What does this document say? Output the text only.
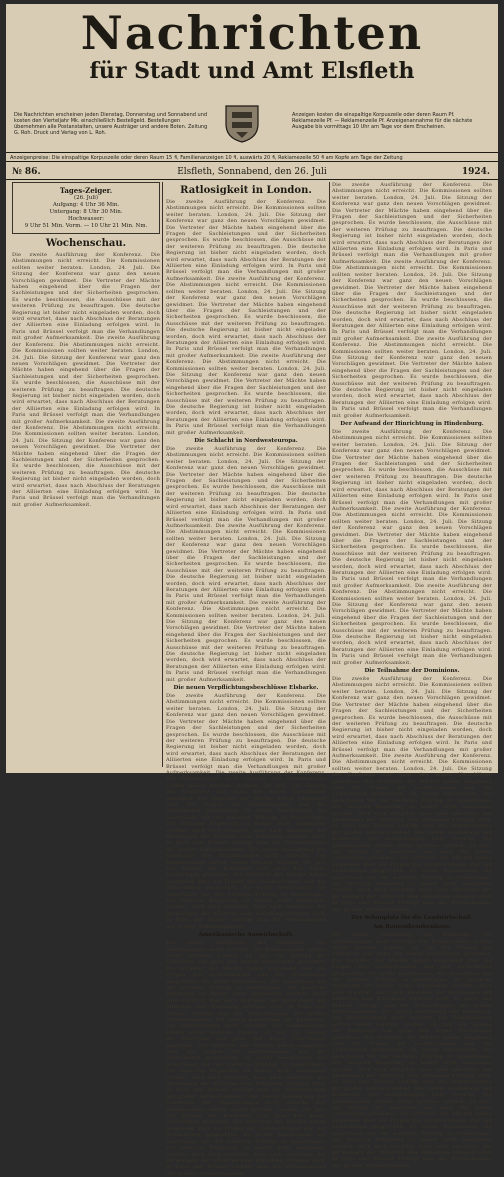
Nachrichten
für Stadt und Amt Elsfleth
Die Nachrichten erscheinen jeden Dienstag, Donnerstag und Sonnabend und kosten den Vierteljahr Mk. einschließlich Bestellgeld. Bestellungen übernehmen alle Postanstalten, unsere Austräger und andere Boten. Zeitung G. Roh. Druck und Verlag von L. Roh.
Anzeigen kosten die einspaltige Korpuszeile oder deren Raum Pf. Reklamezeile Pf. — Reklamenzeile Pf. Anzeigenannahme für die nächste Ausgabe bis vormittags 10 Uhr am Tage vor dem Erscheinen.
Anzeigenpreise: Die einspaltige Korpuszeile oder deren Raum 15 ₰, Familienanzeigen 10 ₰, auswärts 20 ₰, Reklamezeile 50 ₰ am Kopfe am Tage der Zeitung
№ 86.	Elsfleth, Sonnabend, den 26. Juli	1924.
Tages-Zeiger.
(26. Juli)
Aufgang: 4 Uhr 36 Min.
Untergang: 8 Uhr 30 Min.
Hochwasser:
9 Uhr 51 Min. Vorm. — 10 Uhr 21 Min. Nm.
Wochenschau.
Die zweite Ausführung der Konferenz. Die Abstimmungen nicht erreicht. Die Kommissionen sollten weiter beraten. London, 24. Juli. Die Sitzung der Konferenz war ganz den neuen Vorschlägen gewidmet. Die Vertreter der Mächte haben eingehend über die Fragen der Sachleistungen und der Sicherheiten gesprochen. Es wurde beschlossen, die Ausschüsse mit der weiteren Prüfung zu beauftragen. Die deutsche Regierung ist bisher nicht eingeladen worden, doch wird erwartet, dass nach Abschluss der Beratungen der Alliierten eine Einladung erfolgen wird. In Paris und Brüssel verfolgt man die Verhandlungen mit großer Aufmerksamkeit. Die zweite Ausführung der Konferenz. Die Abstimmungen nicht erreicht. Die Kommissionen sollten weiter beraten. London, 24. Juli. Die Sitzung der Konferenz war ganz den neuen Vorschlägen gewidmet. Die Vertreter der Mächte haben eingehend über die Fragen der Sachleistungen und der Sicherheiten gesprochen. Es wurde beschlossen, die Ausschüsse mit der weiteren Prüfung zu beauftragen. Die deutsche Regierung ist bisher nicht eingeladen worden, doch wird erwartet, dass nach Abschluss der Beratungen der Alliierten eine Einladung erfolgen wird. In Paris und Brüssel verfolgt man die Verhandlungen mit großer Aufmerksamkeit. Die zweite Ausführung der Konferenz. Die Abstimmungen nicht erreicht. Die Kommissionen sollten weiter beraten. London, 24. Juli. Die Sitzung der Konferenz war ganz den neuen Vorschlägen gewidmet. Die Vertreter der Mächte haben eingehend über die Fragen der Sachleistungen und der Sicherheiten gesprochen. Es wurde beschlossen, die Ausschüsse mit der weiteren Prüfung zu beauftragen. Die deutsche Regierung ist bisher nicht eingeladen worden, doch wird erwartet, dass nach Abschluss der Beratungen der Alliierten eine Einladung erfolgen wird. In Paris und Brüssel verfolgt man die Verhandlungen mit großer Aufmerksamkeit.
Ratlosigkeit in London.
Die zweite Ausführung der Konferenz. Die Abstimmungen nicht erreicht. Die Kommissionen sollten weiter beraten. London, 24. Juli. Die Sitzung der Konferenz war ganz den neuen Vorschlägen gewidmet. Die Vertreter der Mächte haben eingehend über die Fragen der Sachleistungen und der Sicherheiten gesprochen. Es wurde beschlossen, die Ausschüsse mit der weiteren Prüfung zu beauftragen. Die deutsche Regierung ist bisher nicht eingeladen worden, doch wird erwartet, dass nach Abschluss der Beratungen der Alliierten eine Einladung erfolgen wird. In Paris und Brüssel verfolgt man die Verhandlungen mit großer Aufmerksamkeit. Die zweite Ausführung der Konferenz. Die Abstimmungen nicht erreicht. Die Kommissionen sollten weiter beraten. London, 24. Juli. Die Sitzung der Konferenz war ganz den neuen Vorschlägen gewidmet. Die Vertreter der Mächte haben eingehend über die Fragen der Sachleistungen und der Sicherheiten gesprochen. Es wurde beschlossen, die Ausschüsse mit der weiteren Prüfung zu beauftragen. Die deutsche Regierung ist bisher nicht eingeladen worden, doch wird erwartet, dass nach Abschluss der Beratungen der Alliierten eine Einladung erfolgen wird. In Paris und Brüssel verfolgt man die Verhandlungen mit großer Aufmerksamkeit. Die zweite Ausführung der Konferenz. Die Abstimmungen nicht erreicht. Die Kommissionen sollten weiter beraten. London, 24. Juli. Die Sitzung der Konferenz war ganz den neuen Vorschlägen gewidmet. Die Vertreter der Mächte haben eingehend über die Fragen der Sachleistungen und der Sicherheiten gesprochen. Es wurde beschlossen, die Ausschüsse mit der weiteren Prüfung zu beauftragen. Die deutsche Regierung ist bisher nicht eingeladen worden, doch wird erwartet, dass nach Abschluss der Beratungen der Alliierten eine Einladung erfolgen wird. In Paris und Brüssel verfolgt man die Verhandlungen mit großer Aufmerksamkeit.
Die Schlacht in Nordwesteuropa.
Die zweite Ausführung der Konferenz. Die Abstimmungen nicht erreicht. Die Kommissionen sollten weiter beraten. London, 24. Juli. Die Sitzung der Konferenz war ganz den neuen Vorschlägen gewidmet. Die Vertreter der Mächte haben eingehend über die Fragen der Sachleistungen und der Sicherheiten gesprochen. Es wurde beschlossen, die Ausschüsse mit der weiteren Prüfung zu beauftragen. Die deutsche Regierung ist bisher nicht eingeladen worden, doch wird erwartet, dass nach Abschluss der Beratungen der Alliierten eine Einladung erfolgen wird. In Paris und Brüssel verfolgt man die Verhandlungen mit großer Aufmerksamkeit. Die zweite Ausführung der Konferenz. Die Abstimmungen nicht erreicht. Die Kommissionen sollten weiter beraten. London, 24. Juli. Die Sitzung der Konferenz war ganz den neuen Vorschlägen gewidmet. Die Vertreter der Mächte haben eingehend über die Fragen der Sachleistungen und der Sicherheiten gesprochen. Es wurde beschlossen, die Ausschüsse mit der weiteren Prüfung zu beauftragen. Die deutsche Regierung ist bisher nicht eingeladen worden, doch wird erwartet, dass nach Abschluss der Beratungen der Alliierten eine Einladung erfolgen wird. In Paris und Brüssel verfolgt man die Verhandlungen mit großer Aufmerksamkeit. Die zweite Ausführung der Konferenz. Die Abstimmungen nicht erreicht. Die Kommissionen sollten weiter beraten. London, 24. Juli. Die Sitzung der Konferenz war ganz den neuen Vorschlägen gewidmet. Die Vertreter der Mächte haben eingehend über die Fragen der Sachleistungen und der Sicherheiten gesprochen. Es wurde beschlossen, die Ausschüsse mit der weiteren Prüfung zu beauftragen. Die deutsche Regierung ist bisher nicht eingeladen worden, doch wird erwartet, dass nach Abschluss der Beratungen der Alliierten eine Einladung erfolgen wird. In Paris und Brüssel verfolgt man die Verhandlungen mit großer Aufmerksamkeit.
Die neuen Verpflichtungsbeschlüsse Elsbarke.
Die zweite Ausführung der Konferenz. Die Abstimmungen nicht erreicht. Die Kommissionen sollten weiter beraten. London, 24. Juli. Die Sitzung der Konferenz war ganz den neuen Vorschlägen gewidmet. Die Vertreter der Mächte haben eingehend über die Fragen der Sachleistungen und der Sicherheiten gesprochen. Es wurde beschlossen, die Ausschüsse mit der weiteren Prüfung zu beauftragen. Die deutsche Regierung ist bisher nicht eingeladen worden, doch wird erwartet, dass nach Abschluss der Beratungen der Alliierten eine Einladung erfolgen wird. In Paris und Brüssel verfolgt man die Verhandlungen mit großer Aufmerksamkeit. Die zweite Ausführung der Konferenz. Die Abstimmungen nicht erreicht. Die Kommissionen sollten weiter beraten. London, 24. Juli. Die Sitzung der Konferenz war ganz den neuen Vorschlägen gewidmet. Die Vertreter der Mächte haben eingehend über die Fragen der Sachleistungen und der Sicherheiten gesprochen. Es wurde beschlossen, die Ausschüsse mit der weiteren Prüfung zu beauftragen. Die deutsche Regierung ist bisher nicht eingeladen worden, doch wird erwartet, dass nach Abschluss der Beratungen der Alliierten eine Einladung erfolgen wird. In Paris und Brüssel verfolgt man die Verhandlungen mit großer Aufmerksamkeit. Die zweite Ausführung der Konferenz. Die Abstimmungen nicht erreicht. Die Kommissionen sollten weiter beraten. London, 24. Juli. Die Sitzung der Konferenz war ganz den neuen Vorschlägen gewidmet. Die Vertreter der Mächte haben eingehend über die Fragen der Sachleistungen und der Sicherheiten gesprochen. Es wurde beschlossen, die Ausschüsse mit der weiteren Prüfung zu beauftragen. Die deutsche Regierung ist bisher nicht eingeladen worden, doch wird erwartet, dass nach Abschluss der Beratungen der Alliierten eine Einladung erfolgen wird. In Paris und Brüssel verfolgt man die Verhandlungen mit großer Aufmerksamkeit.
Amerikanische Auswirkschaft.
Die zweite Ausführung der Konferenz. Die Abstimmungen nicht erreicht. Die Kommissionen sollten weiter beraten. London, 24. Juli. Die Sitzung der Konferenz war ganz den neuen Vorschlägen gewidmet. Die Vertreter der Mächte haben eingehend über die Fragen der Sachleistungen und der Sicherheiten gesprochen. Es wurde beschlossen, die Ausschüsse mit der weiteren Prüfung zu beauftragen. Die deutsche Regierung ist bisher nicht eingeladen worden, doch wird erwartet, dass nach Abschluss der Beratungen der Alliierten eine Einladung erfolgen wird. In Paris und Brüssel verfolgt man die Verhandlungen mit großer Aufmerksamkeit. Die zweite Ausführung der Konferenz. Die Abstimmungen nicht erreicht. Die Kommissionen sollten weiter beraten. London, 24. Juli. Die Sitzung der Konferenz war ganz den neuen Vorschlägen gewidmet. Die Vertreter der Mächte haben eingehend über die Fragen der Sachleistungen und der Sicherheiten gesprochen. Es wurde beschlossen, die Ausschüsse mit der weiteren Prüfung zu beauftragen. Die deutsche Regierung ist bisher nicht eingeladen worden, doch wird erwartet, dass nach Abschluss der Beratungen der Alliierten eine Einladung erfolgen wird. In Paris und Brüssel verfolgt man die Verhandlungen mit großer Aufmerksamkeit. Die zweite Ausführung der Konferenz. Die Abstimmungen nicht erreicht. Die Kommissionen sollten weiter beraten. London, 24. Juli. Die Sitzung der Konferenz war ganz den neuen Vorschlägen gewidmet. Die Vertreter der Mächte haben eingehend über die Fragen der Sachleistungen und der Sicherheiten gesprochen. Es wurde beschlossen, die Ausschüsse mit der weiteren Prüfung zu beauftragen. Die deutsche Regierung ist bisher nicht eingeladen worden, doch wird erwartet, dass nach Abschluss der Beratungen der Alliierten eine Einladung erfolgen wird. In Paris und Brüssel verfolgt man die Verhandlungen mit großer Aufmerksamkeit.
Die zweite Ausführung der Konferenz. Die Abstimmungen nicht erreicht. Die Kommissionen sollten weiter beraten. London, 24. Juli. Die Sitzung der Konferenz war ganz den neuen Vorschlägen gewidmet. Die Vertreter der Mächte haben eingehend über die Fragen der Sachleistungen und der Sicherheiten gesprochen. Es wurde beschlossen, die Ausschüsse mit der weiteren Prüfung zu beauftragen. Die deutsche Regierung ist bisher nicht eingeladen worden, doch wird erwartet, dass nach Abschluss der Beratungen der Alliierten eine Einladung erfolgen wird. In Paris und Brüssel verfolgt man die Verhandlungen mit großer Aufmerksamkeit. Die zweite Ausführung der Konferenz. Die Abstimmungen nicht erreicht. Die Kommissionen sollten weiter beraten. London, 24. Juli. Die Sitzung der Konferenz war ganz den neuen Vorschlägen gewidmet. Die Vertreter der Mächte haben eingehend über die Fragen der Sachleistungen und der Sicherheiten gesprochen. Es wurde beschlossen, die Ausschüsse mit der weiteren Prüfung zu beauftragen. Die deutsche Regierung ist bisher nicht eingeladen worden, doch wird erwartet, dass nach Abschluss der Beratungen der Alliierten eine Einladung erfolgen wird. In Paris und Brüssel verfolgt man die Verhandlungen mit großer Aufmerksamkeit. Die zweite Ausführung der Konferenz. Die Abstimmungen nicht erreicht. Die Kommissionen sollten weiter beraten. London, 24. Juli. Die Sitzung der Konferenz war ganz den neuen Vorschlägen gewidmet. Die Vertreter der Mächte haben eingehend über die Fragen der Sachleistungen und der Sicherheiten gesprochen. Es wurde beschlossen, die Ausschüsse mit der weiteren Prüfung zu beauftragen. Die deutsche Regierung ist bisher nicht eingeladen worden, doch wird erwartet, dass nach Abschluss der Beratungen der Alliierten eine Einladung erfolgen wird. In Paris und Brüssel verfolgt man die Verhandlungen mit großer Aufmerksamkeit.
Der Aufwand der Hinrichtung in Hindenburg.
Die zweite Ausführung der Konferenz. Die Abstimmungen nicht erreicht. Die Kommissionen sollten weiter beraten. London, 24. Juli. Die Sitzung der Konferenz war ganz den neuen Vorschlägen gewidmet. Die Vertreter der Mächte haben eingehend über die Fragen der Sachleistungen und der Sicherheiten gesprochen. Es wurde beschlossen, die Ausschüsse mit der weiteren Prüfung zu beauftragen. Die deutsche Regierung ist bisher nicht eingeladen worden, doch wird erwartet, dass nach Abschluss der Beratungen der Alliierten eine Einladung erfolgen wird. In Paris und Brüssel verfolgt man die Verhandlungen mit großer Aufmerksamkeit. Die zweite Ausführung der Konferenz. Die Abstimmungen nicht erreicht. Die Kommissionen sollten weiter beraten. London, 24. Juli. Die Sitzung der Konferenz war ganz den neuen Vorschlägen gewidmet. Die Vertreter der Mächte haben eingehend über die Fragen der Sachleistungen und der Sicherheiten gesprochen. Es wurde beschlossen, die Ausschüsse mit der weiteren Prüfung zu beauftragen. Die deutsche Regierung ist bisher nicht eingeladen worden, doch wird erwartet, dass nach Abschluss der Beratungen der Alliierten eine Einladung erfolgen wird. In Paris und Brüssel verfolgt man die Verhandlungen mit großer Aufmerksamkeit. Die zweite Ausführung der Konferenz. Die Abstimmungen nicht erreicht. Die Kommissionen sollten weiter beraten. London, 24. Juli. Die Sitzung der Konferenz war ganz den neuen Vorschlägen gewidmet. Die Vertreter der Mächte haben eingehend über die Fragen der Sachleistungen und der Sicherheiten gesprochen. Es wurde beschlossen, die Ausschüsse mit der weiteren Prüfung zu beauftragen. Die deutsche Regierung ist bisher nicht eingeladen worden, doch wird erwartet, dass nach Abschluss der Beratungen der Alliierten eine Einladung erfolgen wird. In Paris und Brüssel verfolgt man die Verhandlungen mit großer Aufmerksamkeit.
Die Teilnahme der Dominions.
Die zweite Ausführung der Konferenz. Die Abstimmungen nicht erreicht. Die Kommissionen sollten weiter beraten. London, 24. Juli. Die Sitzung der Konferenz war ganz den neuen Vorschlägen gewidmet. Die Vertreter der Mächte haben eingehend über die Fragen der Sachleistungen und der Sicherheiten gesprochen. Es wurde beschlossen, die Ausschüsse mit der weiteren Prüfung zu beauftragen. Die deutsche Regierung ist bisher nicht eingeladen worden, doch wird erwartet, dass nach Abschluss der Beratungen der Alliierten eine Einladung erfolgen wird. In Paris und Brüssel verfolgt man die Verhandlungen mit großer Aufmerksamkeit. Die zweite Ausführung der Konferenz. Die Abstimmungen nicht erreicht. Die Kommissionen sollten weiter beraten. London, 24. Juli. Die Sitzung der Konferenz war ganz den neuen Vorschlägen gewidmet. Die Vertreter der Mächte haben eingehend über die Fragen der Sachleistungen und der Sicherheiten gesprochen. Es wurde beschlossen, die Ausschüsse mit der weiteren Prüfung zu beauftragen. Die deutsche Regierung ist bisher nicht eingeladen worden, doch wird erwartet, dass nach Abschluss der Beratungen der Alliierten eine Einladung erfolgen wird. In Paris und Brüssel verfolgt man die Verhandlungen mit großer Aufmerksamkeit. Die zweite Ausführung der Konferenz. Die Abstimmungen nicht erreicht. Die Kommissionen sollten weiter beraten. London, 24. Juli. Die Sitzung der Konferenz war ganz den neuen Vorschlägen gewidmet. Die Vertreter der Mächte haben eingehend über die Fragen der Sachleistungen und der Sicherheiten gesprochen. Es wurde beschlossen, die Ausschüsse mit der weiteren Prüfung zu beauftragen. Die deutsche Regierung ist bisher nicht eingeladen worden, doch wird erwartet, dass nach Abschluss der Beratungen der Alliierten eine Einladung erfolgen wird. In Paris und Brüssel verfolgt man die Verhandlungen mit großer Aufmerksamkeit.
Der Schauplatz für die Landwirtschaft.
Am Bauernkrankenhaus.
Die zweite Ausführung der Konferenz. Die Abstimmungen nicht erreicht. Die Kommissionen sollten weiter beraten. London, 24. Juli. Die Sitzung der Konferenz war ganz den neuen Vorschlägen gewidmet. Die Vertreter der Mächte haben eingehend über die Fragen der Sachleistungen und der Sicherheiten gesprochen. Es wurde beschlossen, die Ausschüsse mit der weiteren Prüfung zu beauftragen. Die deutsche Regierung ist bisher nicht eingeladen worden, doch wird erwartet, dass nach Abschluss der Beratungen der Alliierten eine Einladung erfolgen wird. In Paris und Brüssel verfolgt man die Verhandlungen mit großer Aufmerksamkeit. Die zweite Ausführung der Konferenz. Die Abstimmungen nicht erreicht. Die Kommissionen sollten weiter beraten. London, 24. Juli. Die Sitzung der Konferenz war ganz den neuen Vorschlägen gewidmet. Die Vertreter der Mächte haben eingehend über die Fragen der Sachleistungen und der Sicherheiten gesprochen. Es wurde beschlossen, die Ausschüsse mit der weiteren Prüfung zu beauftragen. Die deutsche Regierung ist bisher nicht eingeladen worden, doch wird erwartet, dass nach Abschluss der Beratungen der Alliierten eine Einladung erfolgen wird. In Paris und Brüssel verfolgt man die Verhandlungen mit großer Aufmerksamkeit. Die zweite Ausführung der Konferenz. Die Abstimmungen nicht erreicht. Die Kommissionen sollten weiter beraten. London, 24. Juli. Die Sitzung der Konferenz war ganz den neuen Vorschlägen gewidmet. Die Vertreter der Mächte haben eingehend über die Fragen der Sachleistungen und der Sicherheiten gesprochen. Es wurde beschlossen, die Ausschüsse mit der weiteren Prüfung zu beauftragen. Die deutsche Regierung ist bisher nicht eingeladen worden, doch wird erwartet, dass nach Abschluss der Beratungen der Alliierten eine Einladung erfolgen wird. In Paris und Brüssel verfolgt man die Verhandlungen mit großer Aufmerksamkeit.
